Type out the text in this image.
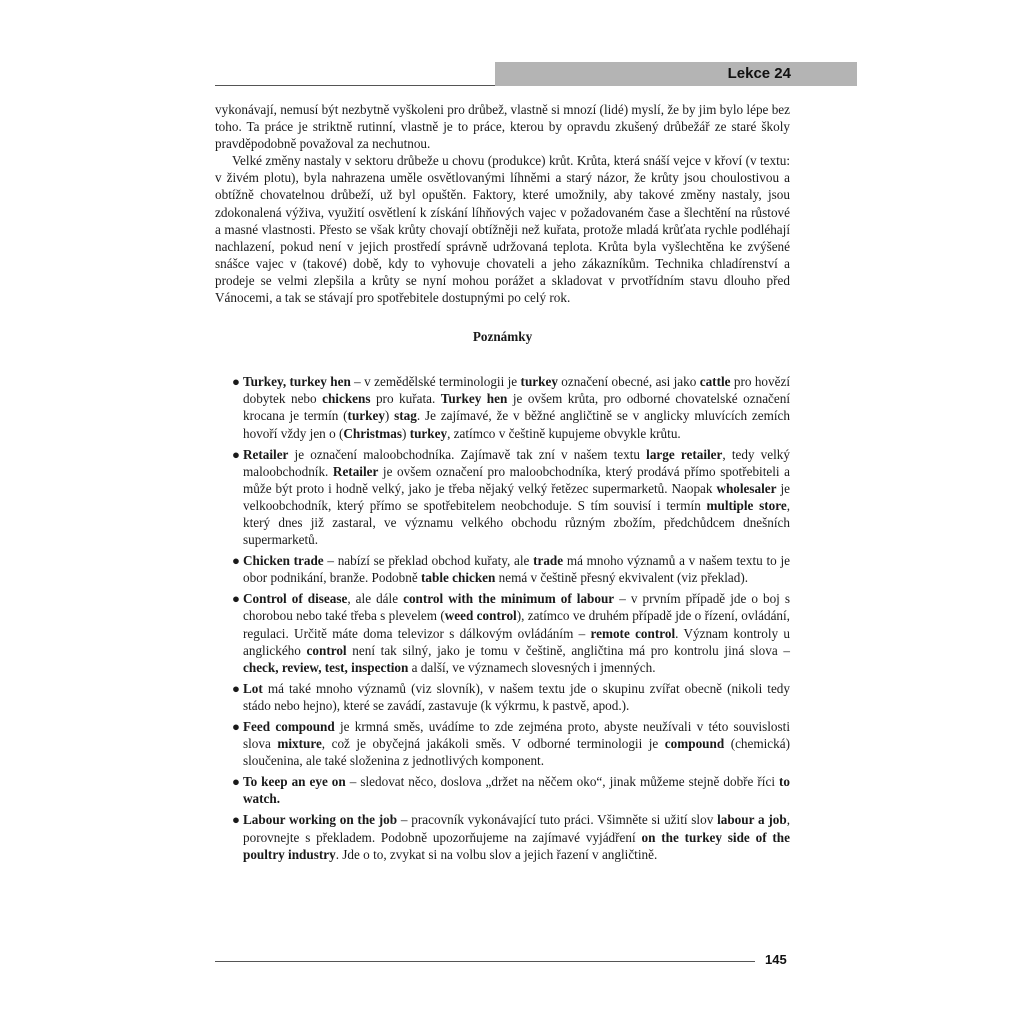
Lekce 24

vykonávají, nemusí být nezbytně vyškoleni pro drůbež, vlastně si mnozí (lidé) myslí, že by jim bylo lépe bez toho. Ta práce je striktně rutinní, vlastně je to práce, kterou by opravdu zkušený drůbežář ze staré školy pravděpodobně považoval za nechutnou.

Velké změny nastaly v sektoru drůbeže u chovu (produkce) krůt. Krůta, která snáší vejce v křoví (v textu: v živém plotu), byla nahrazena uměle osvětlovanými líhněmi a starý názor, že krůty jsou choulostivou a obtížně chovatelnou drůbeží, už byl opuštěn. Faktory, které umožnily, aby takové změny nastaly, jsou zdokonalená výživa, využití osvětlení k získání líhňových vajec v požadovaném čase a šlechtění na růstové a masné vlastnosti. Přesto se však krůty chovají obtížněji než kuřata, protože mladá krůťata rychle podléhají nachlazení, pokud není v jejich prostředí správně udržovaná teplota. Krůta byla vyšlechtěna ke zvýšené snášce vajec v (takové) době, kdy to vyhovuje chovateli a jeho zákazníkům. Technika chladírenství a prodeje se velmi zlepšila a krůty se nyní mohou porážet a skladovat v prvotřídním stavu dlouho před Vánocemi, a tak se stávají pro spotřebitele dostupnými po celý rok.

Poznámky
● Turkey, turkey hen – v zemědělské terminologii je turkey označení obecné, asi jako cattle pro hovězí dobytek nebo chickens pro kuřata. Turkey hen je ovšem krůta, pro odborné chovatelské označení krocana je termín (turkey) stag. Je zajímavé, že v běžné angličtině se v anglicky mluvících zemích hovoří vždy jen o (Christmas) turkey, zatímco v češtině kupujeme obvykle krůtu.
● Retailer je označení maloobchodníka. Zajímavě tak zní v našem textu large retailer, tedy velký maloobchodník. Retailer je ovšem označení pro maloobchodníka, který prodává přímo spotřebiteli a může být proto i hodně velký, jako je třeba nějaký velký řetězec supermarketů. Naopak wholesaler je velkoobchodník, který přímo se spotřebitelem neobchoduje. S tím souvisí i termín multiple store, který dnes již zastaral, ve významu velkého obchodu různým zbožím, předchůdcem dnešních supermarketů.
● Chicken trade – nabízí se překlad obchod kuřaty, ale trade má mnoho významů a v našem textu to je obor podnikání, branže. Podobně table chicken nemá v češtině přesný ekvivalent (viz překlad).
● Control of disease, ale dále control with the minimum of labour – v prvním případě jde o boj s chorobou nebo také třeba s plevelem (weed control), zatímco ve druhém případě jde o řízení, ovládání, regulaci. Určitě máte doma televizor s dálkovým ovládáním – remote control. Význam kontroly u anglického control není tak silný, jako je tomu v češtině, angličtina má pro kontrolu jiná slova – check, review, test, inspection a další, ve významech slovesných i jmenných.
● Lot má také mnoho významů (viz slovník), v našem textu jde o skupinu zvířat obecně (nikoli tedy stádo nebo hejno), které se zavádí, zastavuje (k výkrmu, k pastvě, apod.).
● Feed compound je krmná směs, uvádíme to zde zejména proto, abyste neužívali v této souvislosti slova mixture, což je obyčejná jakákoli směs. V odborné terminologii je compound (chemická) sloučenina, ale také složenina z jednotlivých komponent.
● To keep an eye on – sledovat něco, doslova „držet na něčem oko“, jinak můžeme stejně dobře říci to watch.
● Labour working on the job – pracovník vykonávající tuto práci. Všimněte si užití slov labour a job, porovnejte s překladem. Podobně upozorňujeme na zajímavé vyjádření on the turkey side of the poultry industry. Jde o to, zvykat si na volbu slov a jejich řazení v angličtině.
145
